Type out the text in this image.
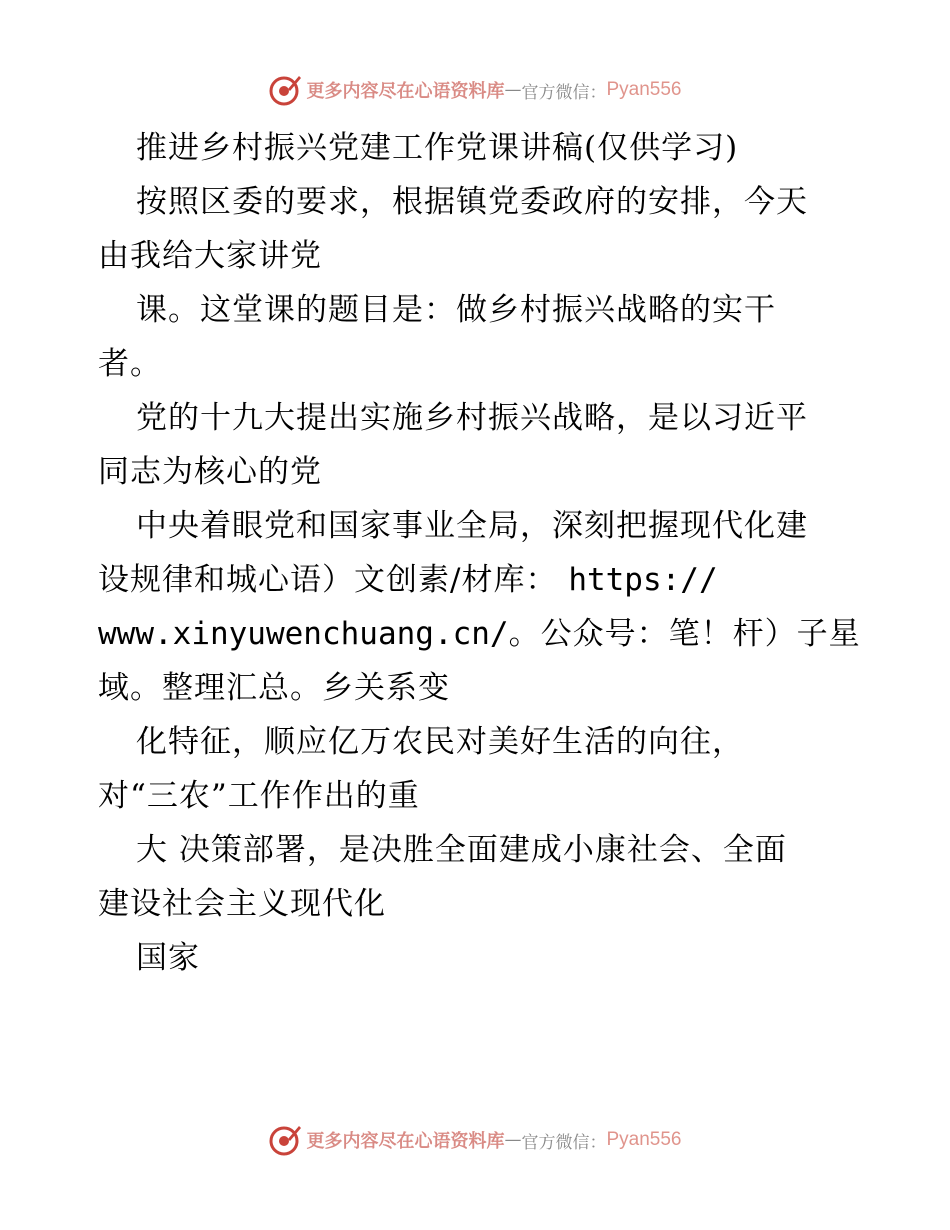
更多内容尽在心语资料库 — 官方微信： Pyan556
推进乡村振兴党建工作党课讲稿(仅供学习)
按照区委的要求，根据镇党委政府的安排，今天
由我给大家讲党
课。这堂课的题目是：做乡村振兴战略的实干
者。
党的十九大提出实施乡村振兴战略，是以习近平
同志为核心的党
中央着眼党和国家事业全局，深刻把握现代化建
设规律和城心语）文创素/材库： https://
www.xinyuwenchuang.cn/。公众号：笔！杆）子星
域。整理汇总。乡关系变
化特征，顺应亿万农民对美好生活的向往，
对“三农”工作作出的重
大 决策部署，是决胜全面建成小康社会、全面
建设社会主义现代化
国家
更多内容尽在心语资料库 — 官方微信： Pyan556
